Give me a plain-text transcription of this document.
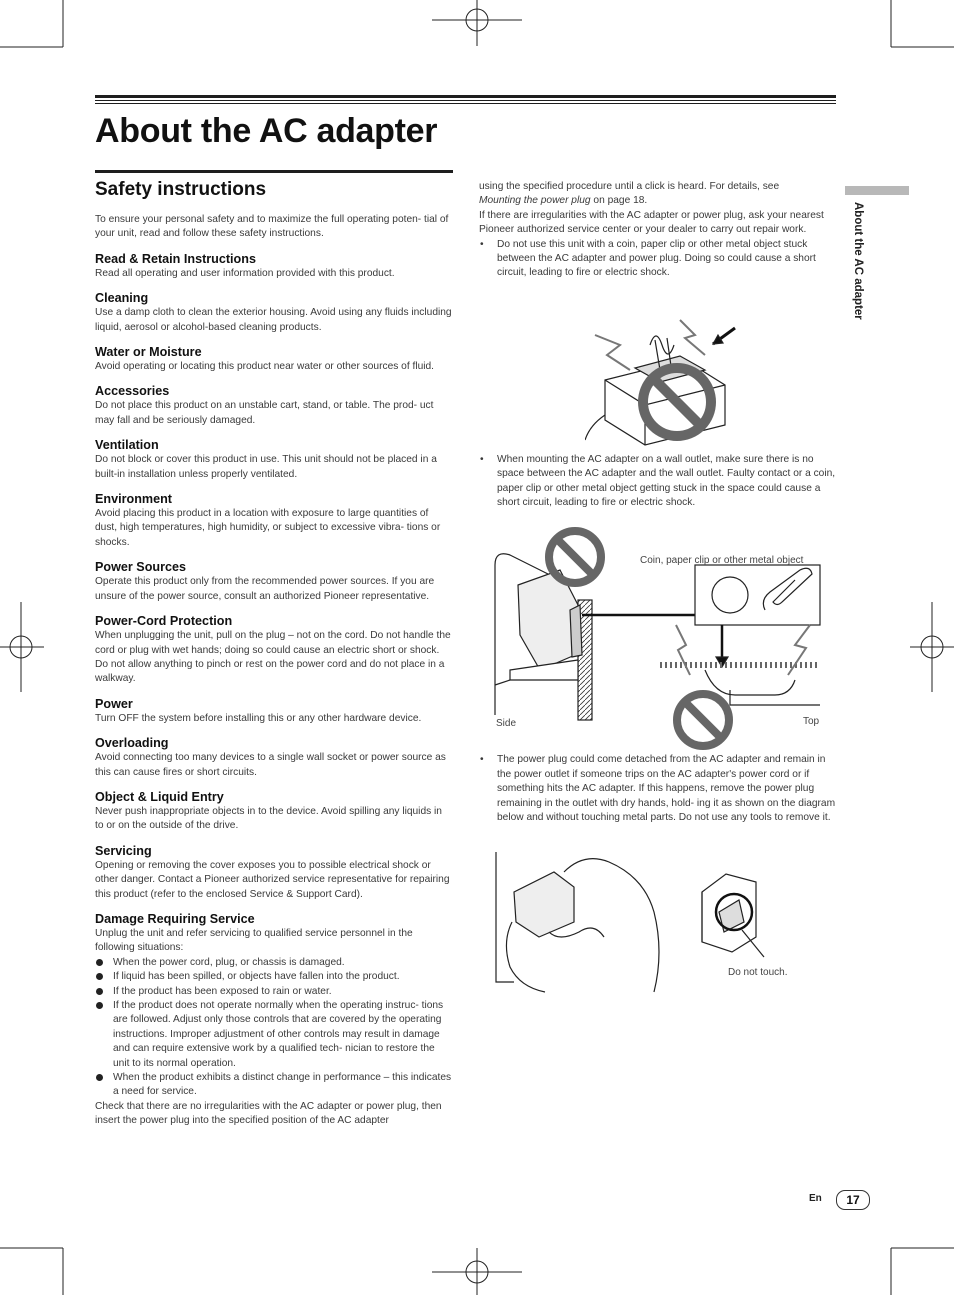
About the AC adapter
About the AC adapter
Safety instructions

To ensure your personal safety and to maximize the full operating poten- tial of your unit, read and follow these safety instructions.

Read & Retain Instructions

Read all operating and user information provided with this product.

Cleaning

Use a damp cloth to clean the exterior housing. Avoid using any fluids including liquid, aerosol or alcohol-based cleaning products.

Water or Moisture

Avoid operating or locating this product near water or other sources of fluid.

Accessories

Do not place this product on an unstable cart, stand, or table. The prod- uct may fall and be seriously damaged.

Ventilation

Do not block or cover this product in use. This unit should not be placed in a built-in installation unless properly ventilated.

Environment

Avoid placing this product in a location with exposure to large quantities of dust, high temperatures, high humidity, or subject to excessive vibra- tions or shocks.

Power Sources

Operate this product only from the recommended power sources. If you are unsure of the power source, consult an authorized Pioneer representative.

Power-Cord Protection

When unplugging the unit, pull on the plug – not on the cord. Do not handle the cord or plug with wet hands; doing so could cause an electric short or shock. Do not allow anything to pinch or rest on the power cord and do not place in a walkway.

Power

Turn OFF the system before installing this or any other hardware device.

Overloading

Avoid connecting too many devices to a single wall socket or power source as this can cause fires or short circuits.

Object & Liquid Entry

Never push inappropriate objects in to the device. Avoid spilling any liquids in to or on the outside of the drive.

Servicing

Opening or removing the cover exposes you to possible electrical shock or other danger. Contact a Pioneer authorized service representative for repairing this product (refer to the enclosed Service & Support Card).

Damage Requiring Service

Unplug the unit and refer servicing to qualified service personnel in the following situations:

When the power cord, plug, or chassis is damaged.
If liquid has been spilled, or objects have fallen into the product.
If the product has been exposed to rain or water.
If the product does not operate normally when the operating instruc- tions are followed. Adjust only those controls that are covered by the operating instructions. Improper adjustment of other controls may result in damage and can require extensive work by a qualified tech- nician to restore the unit to its normal operation.
When the product exhibits a distinct change in performance – this indicates a need for service.

Check that there are no irregularities with the AC adapter or power plug, then insert the power plug into the specified position of the AC adapter

using the specified procedure until a click is heard. For details, see
Mounting the power plug on page 18.

If there are irregularities with the AC adapter or power plug, ask your nearest Pioneer authorized service center or your dealer to carry out repair work.

• Do not use this unit with a coin, paper clip or other metal object stuck between the AC adapter and power plug. Doing so could cause a short circuit, leading to fire or electric shock.
• When mounting the AC adapter on a wall outlet, make sure there is no space between the AC adapter and the wall outlet. Faulty contact or a coin, paper clip or other metal object getting stuck in the space could cause a short circuit, leading to fire or electric shock.
• The power plug could come detached from the AC adapter and remain in the power outlet if someone trips on the AC adapter's power cord or if something hits the AC adapter. If this happens, remove the power plug remaining in the outlet with dry hands, hold- ing it as shown on the diagram below and without touching metal parts. Do not use any tools to remove it.
Coin, paper clip or other metal object
Side	Top
Do not touch.
En	17
